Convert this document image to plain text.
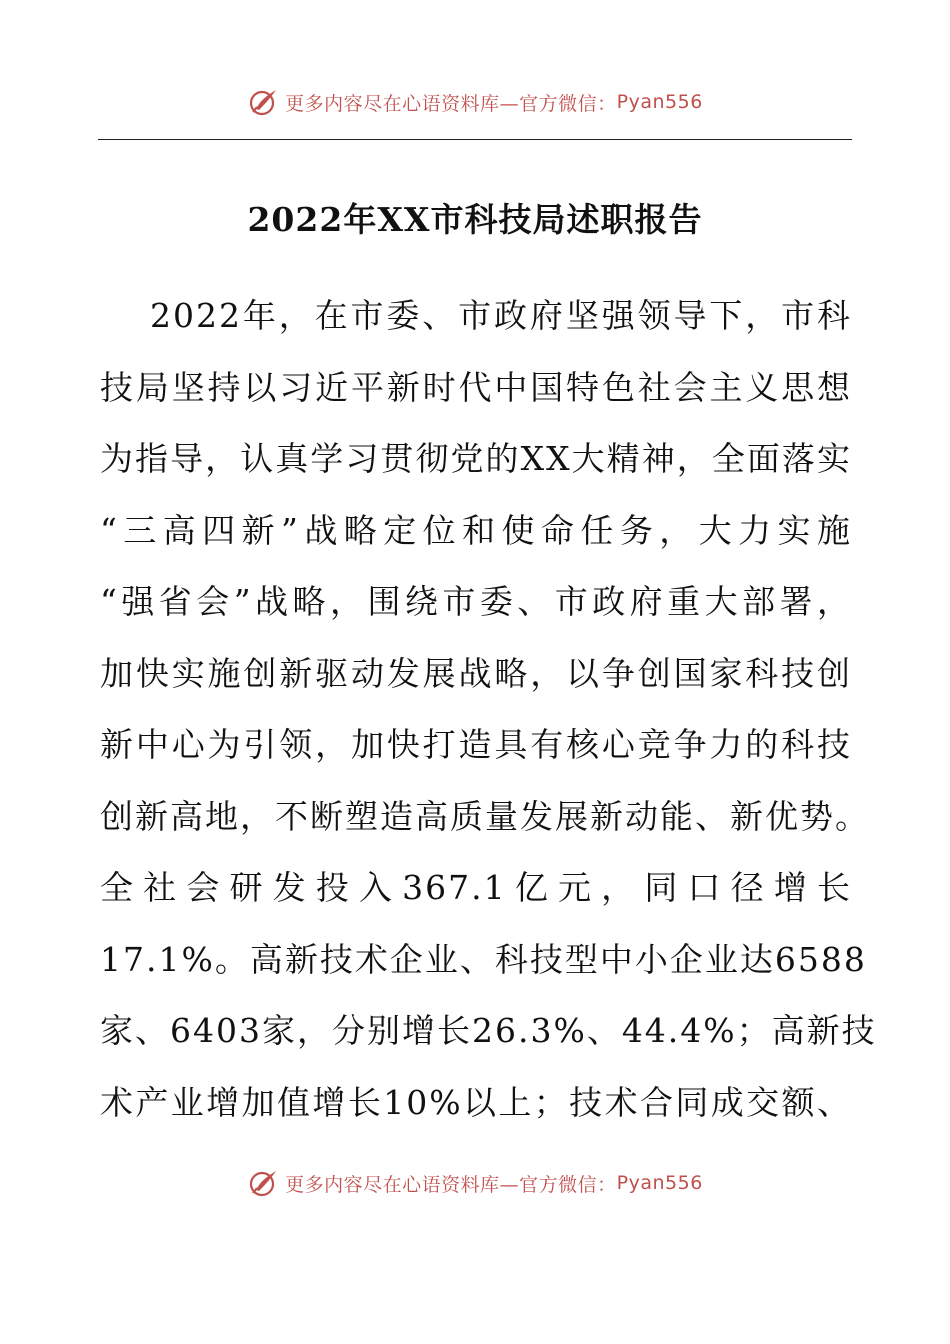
更多内容尽在心语资料库—官方微信： Pyan556
2022年XX市科技局述职报告
2022年，在市委、市政府坚强领导下，市科
技局坚持以习近平新时代中国特色社会主义思想
为指导，认真学习贯彻党的XX大精神，全面落实
“三高四新”战略定位和使命任务，大力实施
“强省会”战略，围绕市委、市政府重大部署，
加快实施创新驱动发展战略，以争创国家科技创
新中心为引领，加快打造具有核心竞争力的科技
创新高地，不断塑造高质量发展新动能、新优势。
全社会研发投入367.1亿元，同口径增长
17.1%。高新技术企业、科技型中小企业达6588
家、6403家，分别增长26.3%、44.4%；高新技
术产业增加值增长10%以上；技术合同成交额、
更多内容尽在心语资料库—官方微信： Pyan556
